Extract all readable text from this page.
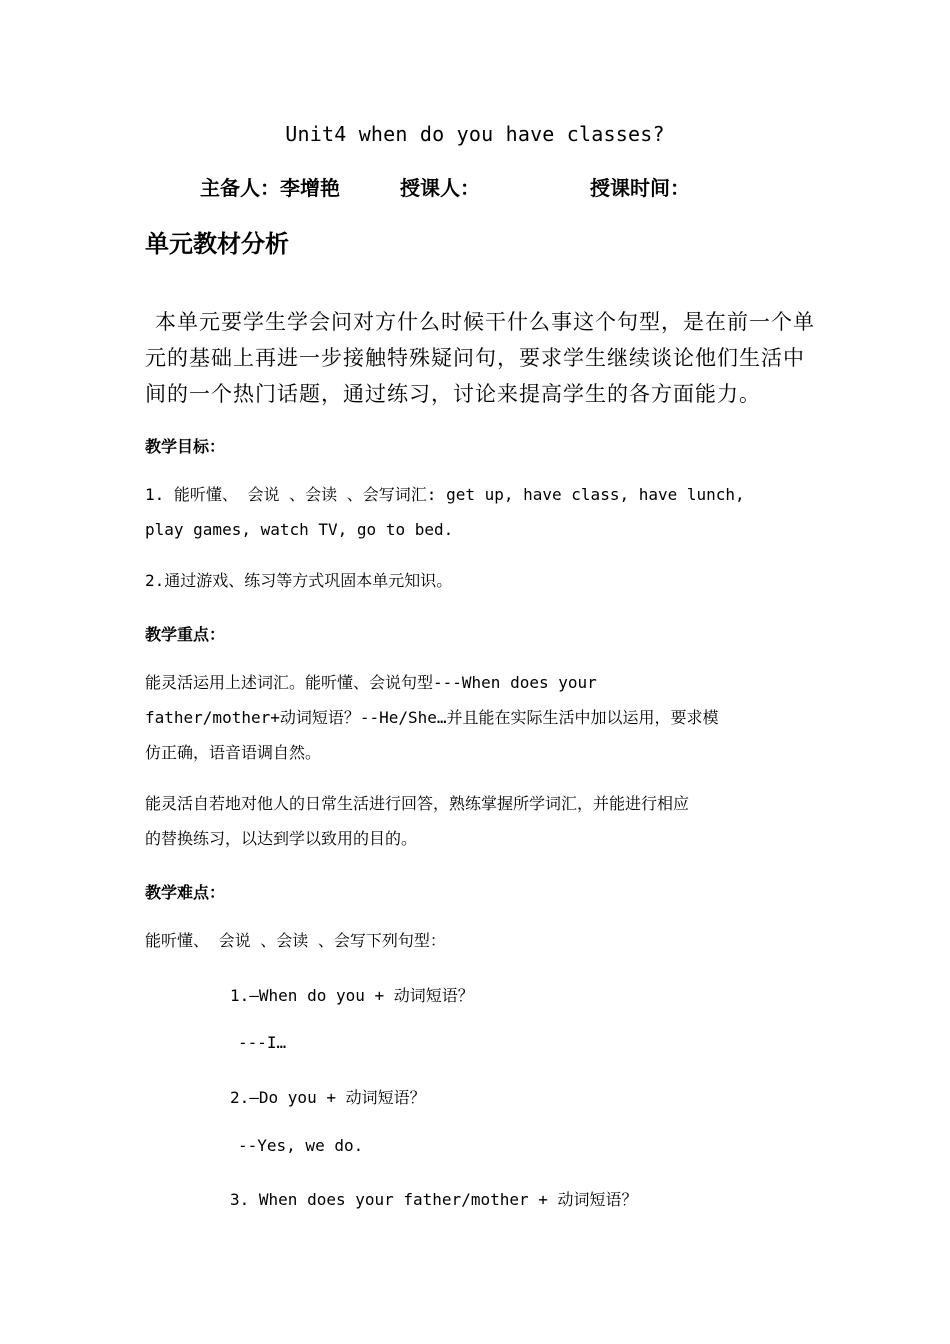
Unit4 when do you have classes?
主备人：李增艳	授课人：	授课时间：
单元教材分析
本单元要学生学会问对方什么时候干什么事这个句型，是在前一个单元的基础上再进一步接触特殊疑问句，要求学生继续谈论他们生活中间的一个热门话题，通过练习，讨论来提高学生的各方面能力。
教学目标：
1. 能听懂、 会说 、会读 、会写词汇: get up, have class, have lunch,
play games, watch TV, go to bed.
2.通过游戏、练习等方式巩固本单元知识。
教学重点：
能灵活运用上述词汇。能听懂、会说句型---When does your
father/mother+动词短语？--He/She…并且能在实际生活中加以运用，要求模
仿正确，语音语调自然。
能灵活自若地对他人的日常生活进行回答，熟练掌握所学词汇，并能进行相应
的替换练习，以达到学以致用的目的。
教学难点：
能听懂、 会说 、会读 、会写下列句型：
1.—When do you + 动词短语？
---I…
2.—Do you + 动词短语？
--Yes, we do.
3. When does your father/mother + 动词短语？
